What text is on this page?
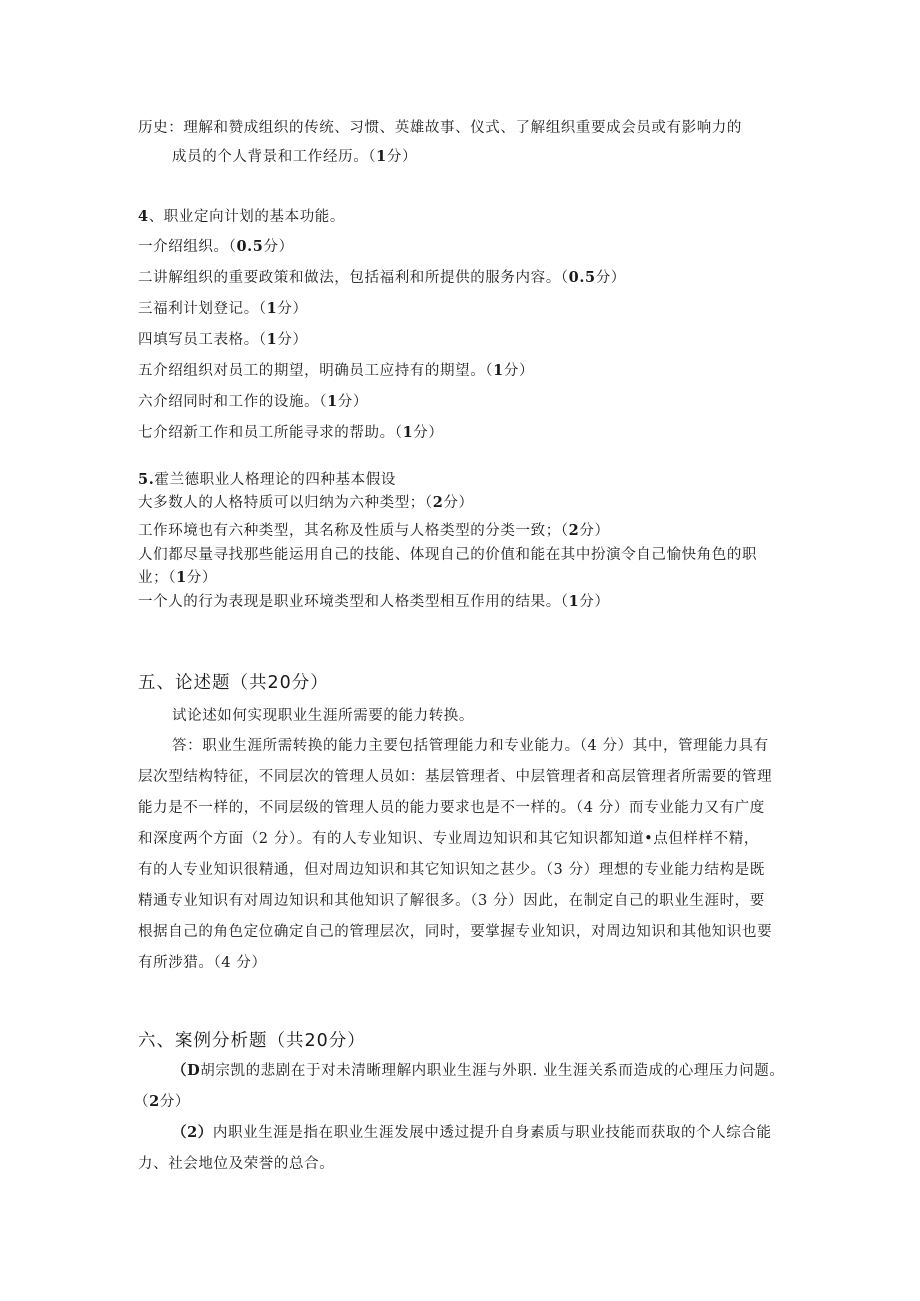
历史：理解和赞成组织的传统、习惯、英雄故事、仪式、了解组织重要成会员或有影响力的
成员的个人背景和工作经历。（1分）
4、职业定向计划的基本功能。
一介绍组织。（0.5分）
二讲解组织的重要政策和做法，包括福利和所提供的服务内容。（0.5分）
三福利计划登记。（1分）
四填写员工表格。（1分）
五介绍组织对员工的期望，明确员工应持有的期望。（1分）
六介绍同时和工作的设施。（1分）
七介绍新工作和员工所能寻求的帮助。（1分）
5.霍兰德职业人格理论的四种基本假设
大多数人的人格特质可以归纳为六种类型；（2分）
工作环境也有六种类型，其名称及性质与人格类型的分类一致；（2分）
人们都尽量寻找那些能运用自己的技能、体现自己的价值和能在其中扮演令自己愉快角色的职
业；（1分）
一个人的行为表现是职业环境类型和人格类型相互作用的结果。（1分）
五、论述题（共20分）
试论述如何实现职业生涯所需要的能力转换。
答：职业生涯所需转换的能力主要包括管理能力和专业能力。（4 分）其中，管理能力具有
层次型结构特征，不同层次的管理人员如：基层管理者、中层管理者和高层管理者所需要的管理
能力是不一样的，不同层级的管理人员的能力要求也是不一样的。（4 分）而专业能力又有广度
和深度两个方面（2 分）。有的人专业知识、专业周边知识和其它知识都知道•点但样样不精，
有的人专业知识很精通，但对周边知识和其它知识知之甚少。（3 分）理想的专业能力结构是既
精通专业知识有对周边知识和其他知识了解很多。（3 分）因此，在制定自己的职业生涯时，要
根据自己的角色定位确定自己的管理层次，同时，要掌握专业知识，对周边知识和其他知识也要
有所涉猎。（4 分）
六、案例分析题（共20分）
（D胡宗凯的悲剧在于对未清晰理解内职业生涯与外职. 业生涯关系而造成的心理压力问题。
（2分）
（2）内职业生涯是指在职业生涯发展中透过提升自身素质与职业技能而获取的个人综合能
力、社会地位及荣誉的总合。
